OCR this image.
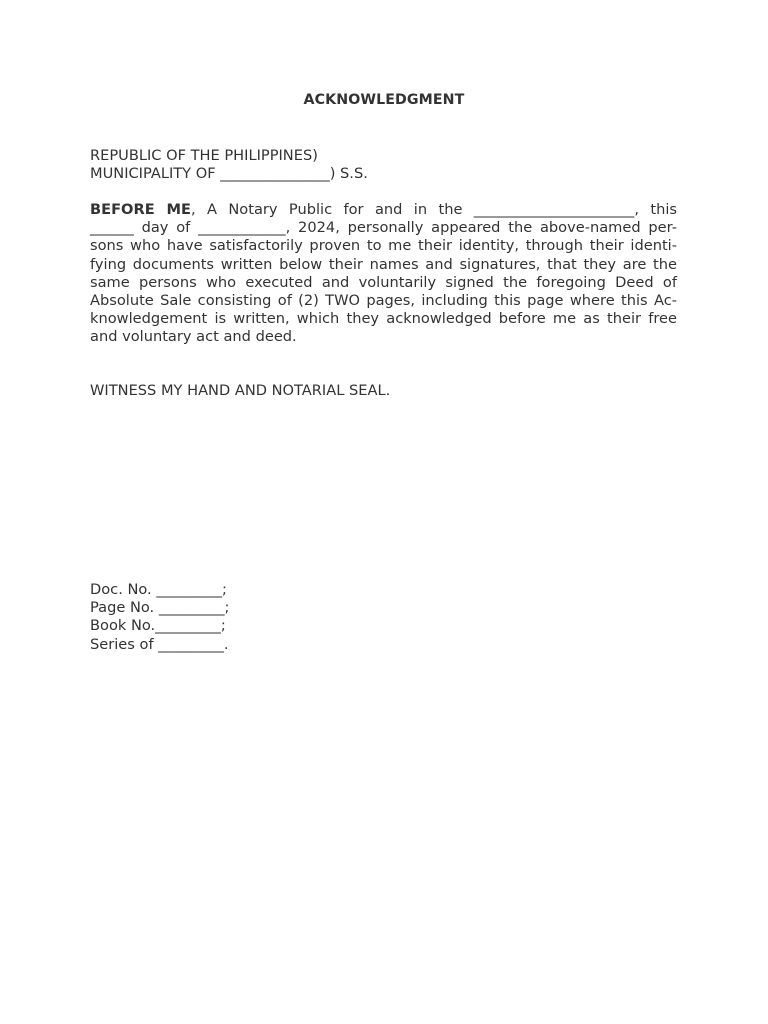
ACKNOWLEDGMENT
REPUBLIC OF THE PHILIPPINES)
MUNICIPALITY OF _______________) S.S.
BEFORE ME, A Notary Public for and in the ______________________, this
______ day of ____________, 2024, personally appeared the above-named per-
sons who have satisfactorily proven to me their identity, through their identi-
fying documents written below their names and signatures, that they are the
same persons who executed and voluntarily signed the foregoing Deed of
Absolute Sale consisting of (2) TWO pages, including this page where this Ac-
knowledgement is written, which they acknowledged before me as their free
and voluntary act and deed.
WITNESS MY HAND AND NOTARIAL SEAL.
Doc. No. _________;
Page No. _________;
Book No._________;
Series of _________.
